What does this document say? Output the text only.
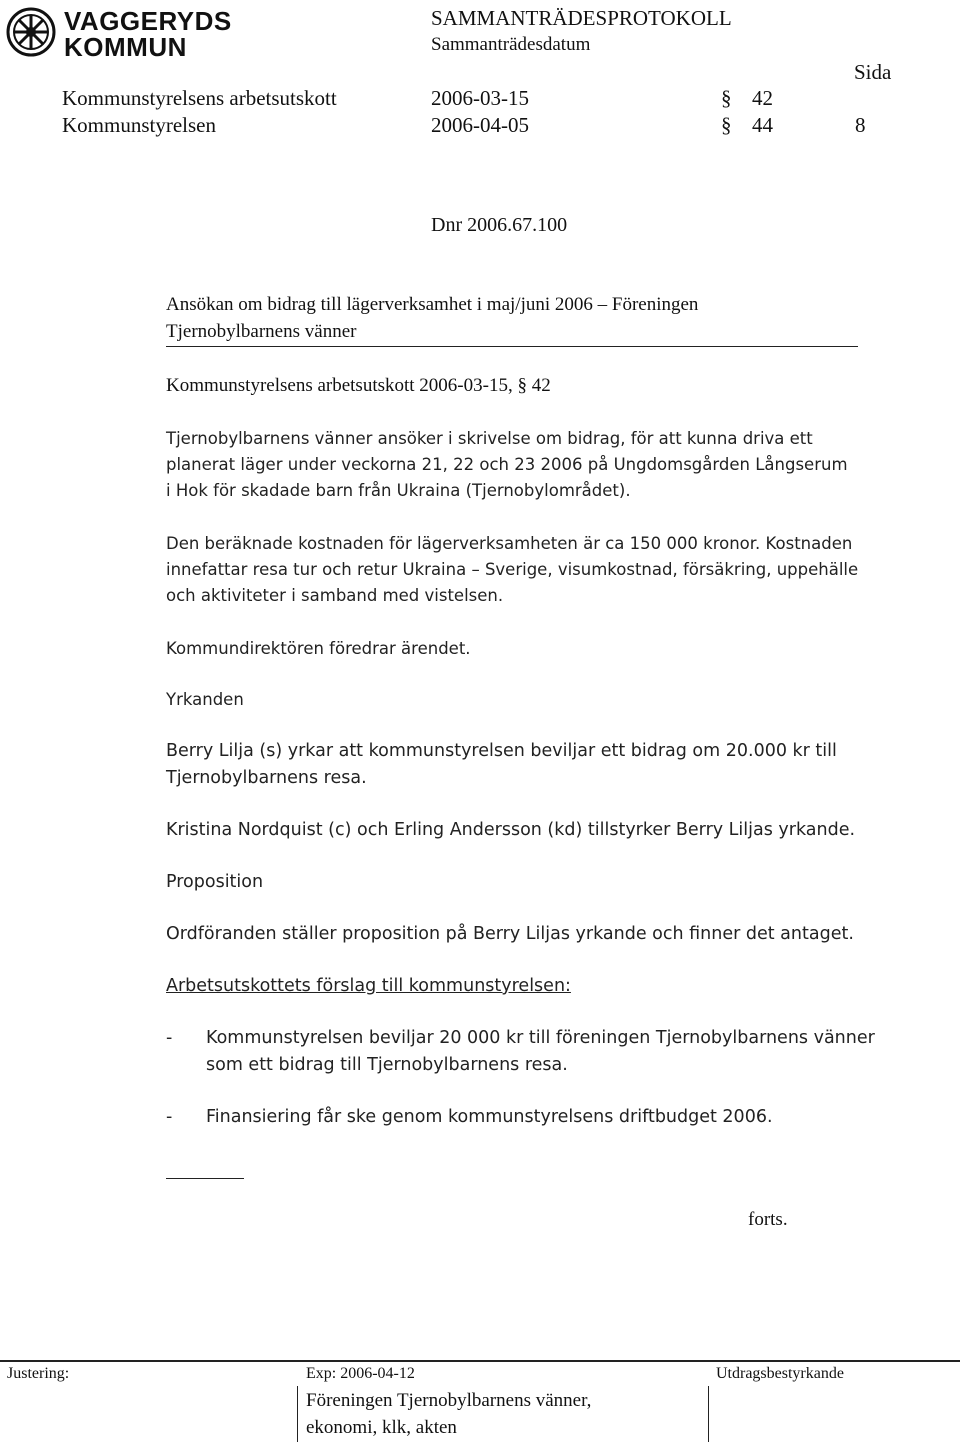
VAGGERYDS
KOMMUN
SAMMANTRÄDESPROTOKOLL
Sammanträdesdatum
Sida
Kommunstyrelsens arbetsutskott	2006-03-15	§ 42
Kommunstyrelsen	2006-04-05	§ 44	8
Dnr 2006.67.100
Ansökan om bidrag till lägerverksamhet i maj/juni 2006 – Föreningen
Tjernobylbarnens vänner
Kommunstyrelsens arbetsutskott 2006-03-15, § 42
Tjernobylbarnens vänner ansöker i skrivelse om bidrag, för att kunna driva ett
planerat läger under veckorna 21, 22 och 23 2006 på Ungdomsgården Långserum
i Hok för skadade barn från Ukraina (Tjernobylområdet).
Den beräknade kostnaden för lägerverksamheten är ca 150 000 kronor. Kostnaden
innefattar resa tur och retur Ukraina – Sverige, visumkostnad, försäkring, uppehälle
och aktiviteter i samband med vistelsen.
Kommundirektören föredrar ärendet.
Yrkanden
Berry Lilja (s) yrkar att kommunstyrelsen beviljar ett bidrag om 20.000 kr till
Tjernobylbarnens resa.
Kristina Nordquist (c) och Erling Andersson (kd) tillstyrker Berry Liljas yrkande.
Proposition
Ordföranden ställer proposition på Berry Liljas yrkande och finner det antaget.
Arbetsutskottets förslag till kommunstyrelsen:
- Kommunstyrelsen beviljar 20 000 kr till föreningen Tjernobylbarnens vänner
som ett bidrag till Tjernobylbarnens resa.
- Finansiering får ske genom kommunstyrelsens driftbudget 2006.
forts.
Justering:	Exp: 2006-04-12	Utdragsbestyrkande
Föreningen Tjernobylbarnens vänner,
ekonomi, klk, akten
